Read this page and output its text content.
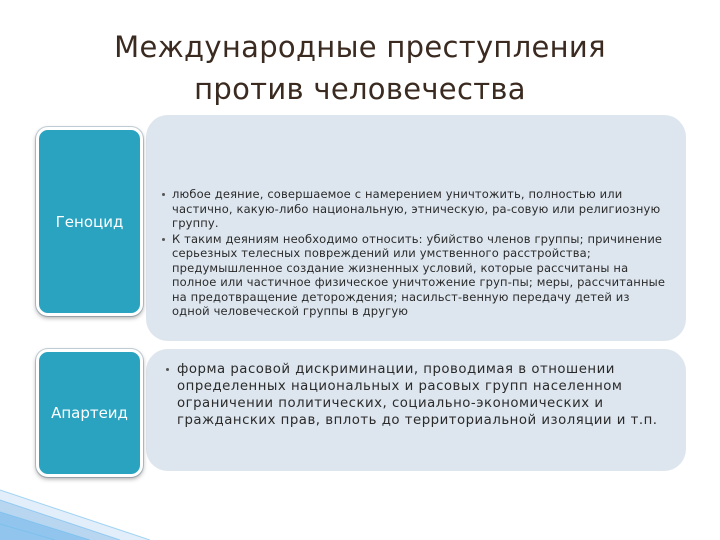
Международные преступления
против человечества
Геноцид
Апартеид
любое деяние, совершаемое с намерением уничтожить, полностью или частично, какую-либо национальную, этническую, ра-совую или религиозную группу.
К таким деяниям необходимо относить: убийство членов группы; причинение серьезных телесных повреждений или умственного расстройства; предумышленное создание жизненных условий, которые рассчитаны на полное или частичное физическое уничтожение груп-пы; меры, рассчитанные на предотвращение деторождения; насильст-венную передачу детей из одной человеческой группы в другую
форма расовой дискриминации, проводимая в отношении определенных национальных и расовых групп населенном ограничении политических, социально-экономических и гражданских прав, вплоть до территориальной изоляции и т.п.
